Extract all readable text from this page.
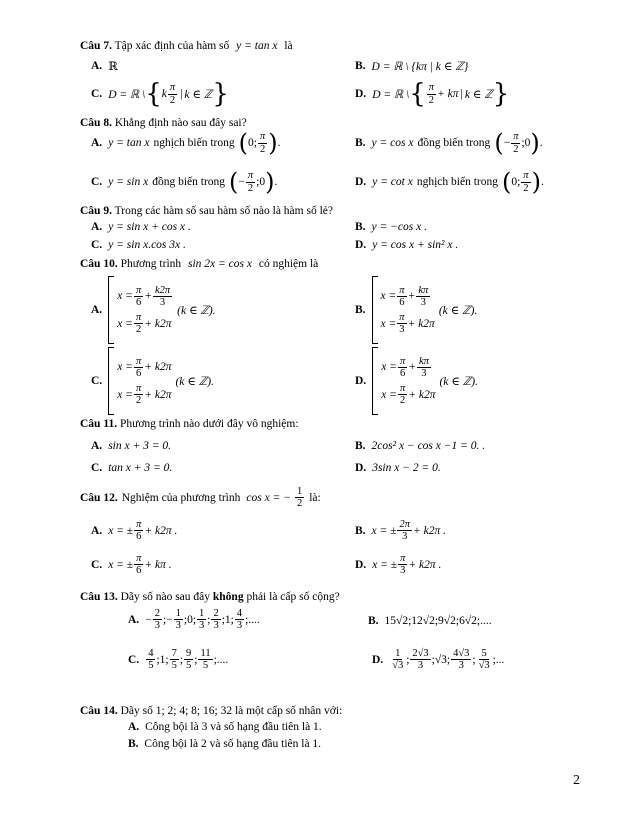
Câu 7. Tập xác định của hàm số y = tan x là
A. ℝ	B. D = ℝ \ {kπ | k ∈ ℤ}
C. D = ℝ \ { k $\frac{\pi}{2}$ | k ∈ ℤ }	D. D = ℝ \ { $\frac{\pi}{2} + k\pi$ | k ∈ ℤ }
Câu 8. Khẳng định nào sau đây sai?
A. y = tan x nghịch biến trong ( 0; $\frac{\pi}{2}$ ) .	B. y = cos x đồng biến trong ( − $\frac{\pi}{2}$ ;0 ) .
C. y = sin x đồng biến trong ( − $\frac{\pi}{2}$ ;0 ) .	D. y = cot x nghịch biến trong ( 0; $\frac{\pi}{2}$ ) .
Câu 9. Trong các hàm số sau hàm số nào là hàm số lẻ?
A. y = sin x + cos x .	B. y = −cos x .
C. y = sin x.cos 3x .	D. y = cos x + sin² x .
Câu 10. Phương trình sin 2x = cos x có nghiệm là
A.
$x = \frac{\pi}{6} + \frac{k2\pi}{3}$
$x = \frac{\pi}{2} + k2\pi$
(k ∈ ℤ).	B.
$x = \frac{\pi}{6} + \frac{k\pi}{3}$
$x = \frac{\pi}{3} + k2\pi$
(k ∈ ℤ).
C.
$x = \frac{\pi}{6} + k2\pi$
$x = \frac{\pi}{2} + k2\pi$
(k ∈ ℤ).	D.
$x = \frac{\pi}{6} + \frac{k\pi}{3}$
$x = \frac{\pi}{2} + k2\pi$
(k ∈ ℤ).
Câu 11. Phương trình nào dưới đây vô nghiệm:
A. sin x + 3 = 0.	B. 2cos² x − cos x −1 = 0. .
C. tan x + 3 = 0.	D. 3sin x − 2 = 0.
Câu 12. Nghiệm của phương trình cos x = − $\frac{1}{2}$ là:
A. x = ± $\frac{\pi}{6} + k2\pi$ .	B. x = ± $\frac{2\pi}{3} + k2\pi$ .
C. x = ± $\frac{\pi}{6} + k\pi$ .	D. x = ± $\frac{\pi}{3} + k2\pi$ .
Câu 13. Dãy số nào sau đây không phải là cấp số cộng?
A. − $\frac{2}{3}$ ;− $\frac{1}{3}$ ;0; $\frac{1}{3}$ ; $\frac{2}{3}$ ;1; $\frac{4}{3}$ ;....	B. 15√2;12√2;9√2;6√2;....
C. $\frac{4}{5}$ ;1; $\frac{7}{5}$ ; $\frac{9}{5}$ ; $\frac{11}{5}$ ;....	D. $\frac{1}{√3}$ ; $\frac{2√3}{3}$ ;√3; $\frac{4√3}{3}$ ; $\frac{5}{√3}$ ;...
Câu 14. Dãy số 1; 2; 4; 8; 16; 32 là một cấp số nhân với:
A. Công bội là 3 và số hạng đầu tiên là 1.
B. Công bội là 2 và số hạng đầu tiên là 1.
2
